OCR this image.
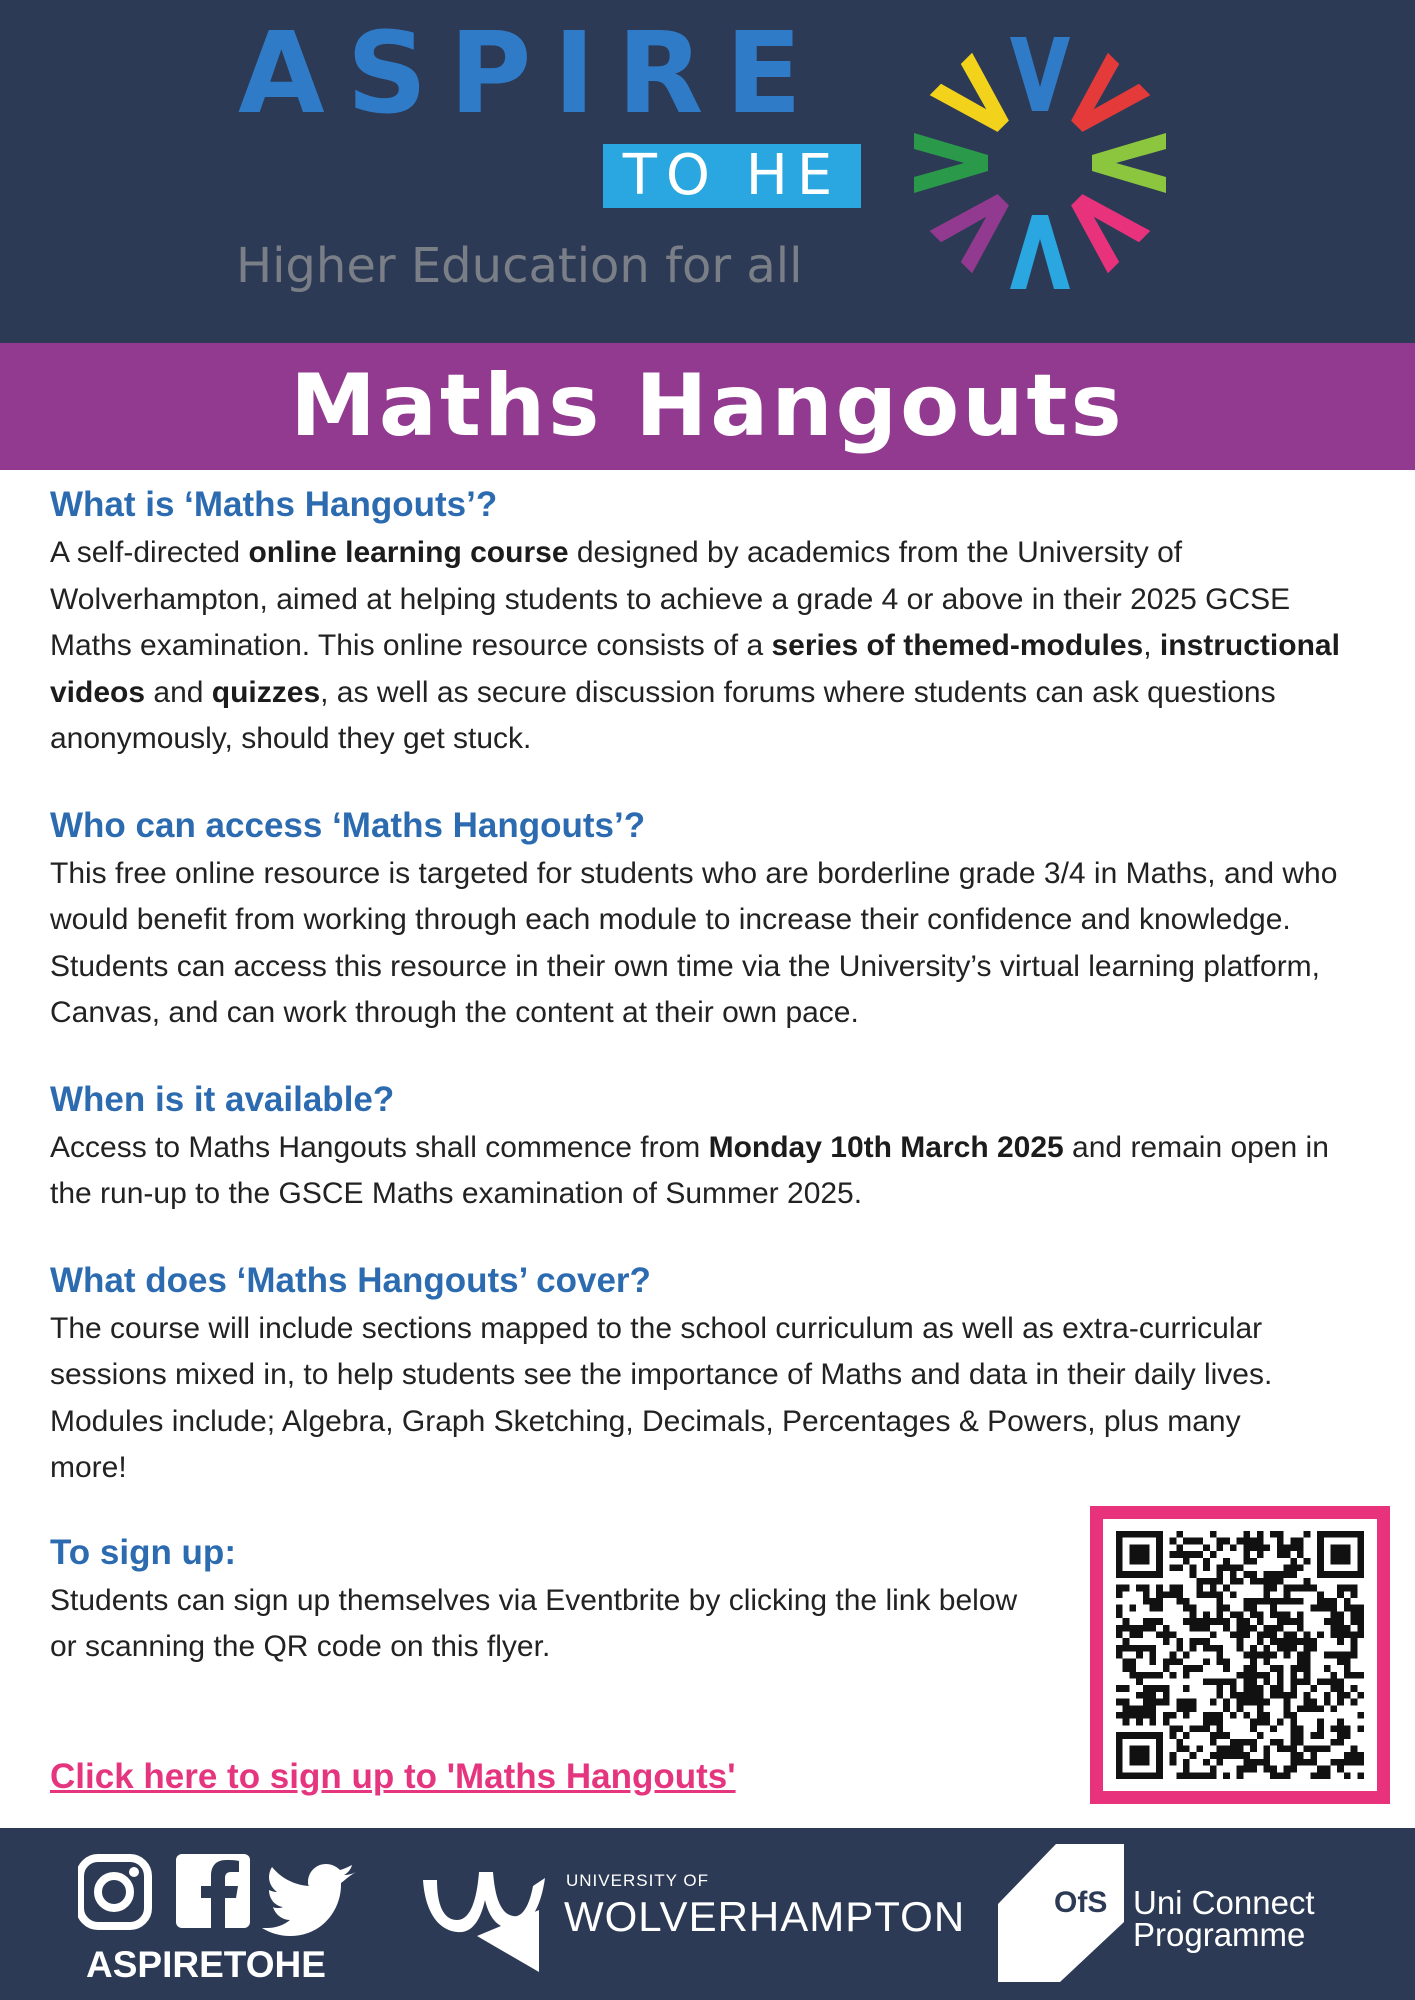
ASPIRE
TO HE
Higher Education for all
Maths Hangouts
What is ‘Maths Hangouts’?

A self-directed online learning course designed by academics from the University of Wolverhampton, aimed at helping students to achieve a grade 4 or above in their 2025 GCSE Maths examination. This online resource consists of a series of themed-modules, instructional videos and quizzes, as well as secure discussion forums where students can ask questions anonymously, should they get stuck.

Who can access ‘Maths Hangouts’?

This free online resource is targeted for students who are borderline grade 3/4 in Maths, and who would benefit from working through each module to increase their confidence and knowledge. Students can access this resource in their own time via the University’s virtual learning platform, Canvas, and can work through the content at their own pace.

When is it available?

Access to Maths Hangouts shall commence from Monday 10th March 2025 and remain open in the run-up to the GSCE Maths examination of Summer 2025.

What does ‘Maths Hangouts’ cover?

The course will include sections mapped to the school curriculum as well as extra-curricular sessions mixed in, to help students see the importance of Maths and data in their daily lives. Modules include; Algebra, Graph Sketching, Decimals, Percentages & Powers, plus many more!

To sign up:

Students can sign up themselves via Eventbrite by clicking the link below or scanning the QR code on this flyer.

Click here to sign up to 'Maths Hangouts'
ASPIRETOHE
UNIVERSITY OF
WOLVERHAMPTON	OfS Uni Connect
Programme
